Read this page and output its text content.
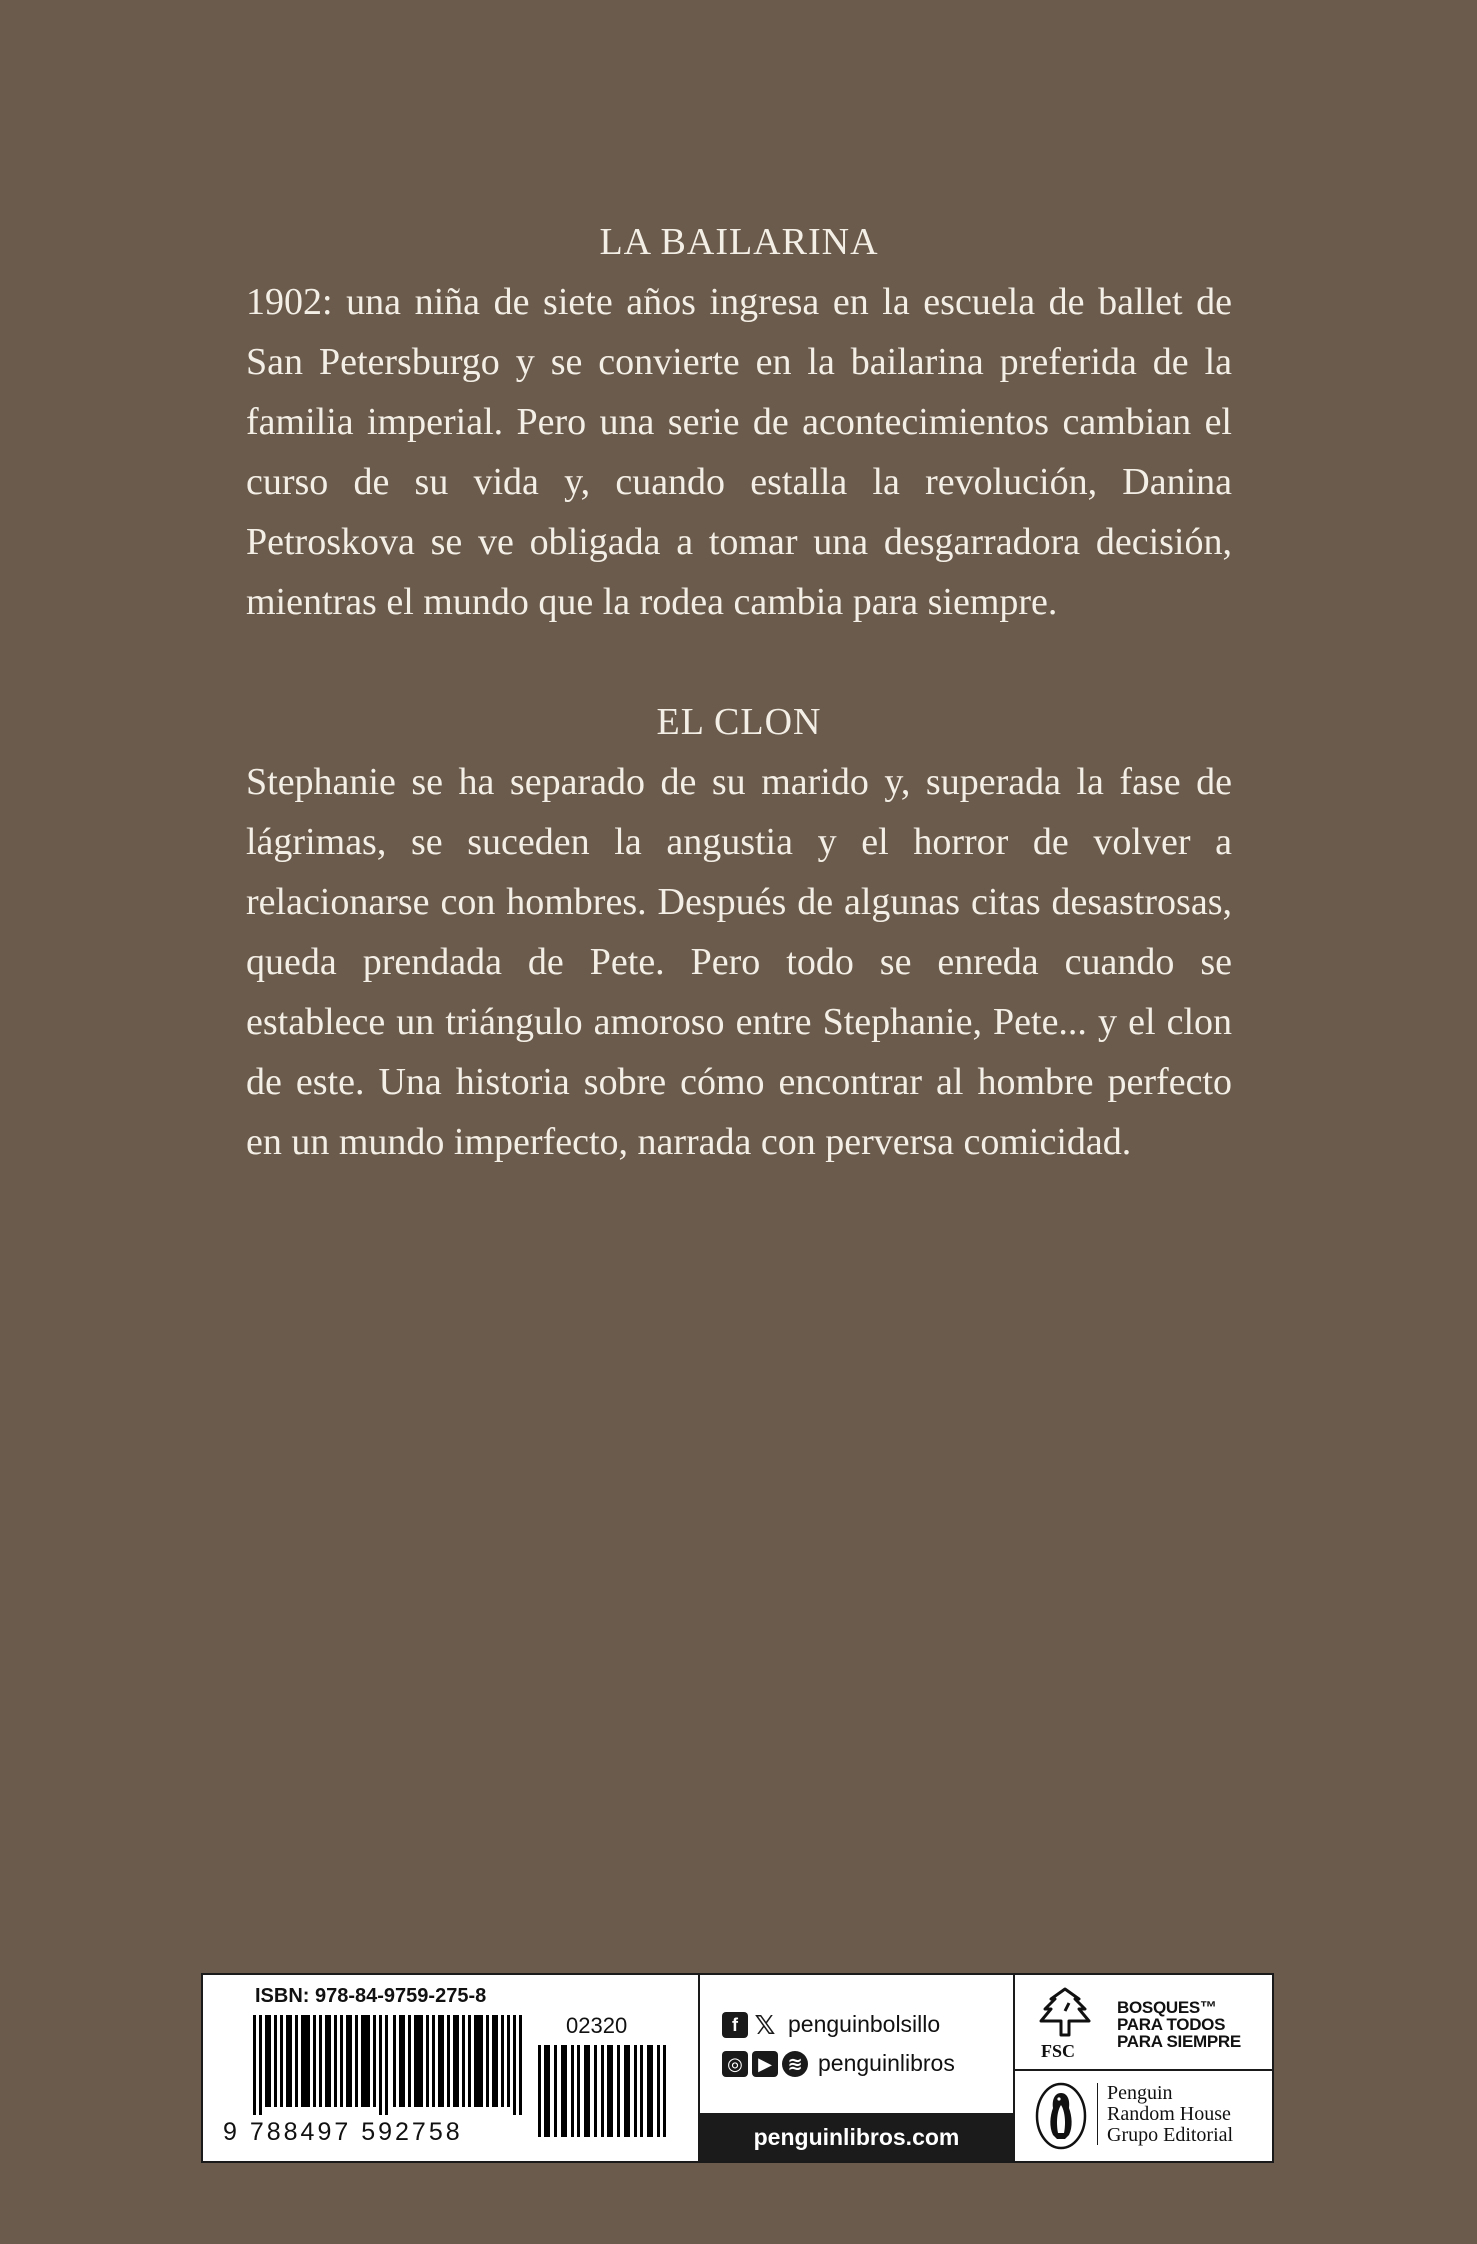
LA BAILARINA

1902: una niña de siete años ingresa en la escuela de ballet de San Petersburgo y se convierte en la bailarina preferida de la familia imperial. Pero una serie de acontecimientos cambian el curso de su vida y, cuando estalla la revolución, Danina Petroskova se ve obligada a tomar una desgarradora decisión, mientras el mundo que la rodea cambia para siempre.

EL CLON

Stephanie se ha separado de su marido y, superada la fase de lágrimas, se suceden la angustia y el horror de volver a relacionarse con hombres. Después de algunas citas desastrosas, queda prendada de Pete. Pero todo se enreda cuando se establece un triángulo amoroso entre Stephanie, Pete... y el clon de este. Una historia sobre cómo encontrar al hombre perfecto en un mundo imperfecto, narrada con perversa comicidad.

ISBN: 978-84-9759-275-8
02320
9 788497 592758
f 𝕏 penguinbolsillo
◎ ▶ ≋ penguinlibros
penguinlibros.com
FSC
BOSQUES™
PARA TODOS
PARA SIEMPRE
Penguin
Random House
Grupo Editorial
